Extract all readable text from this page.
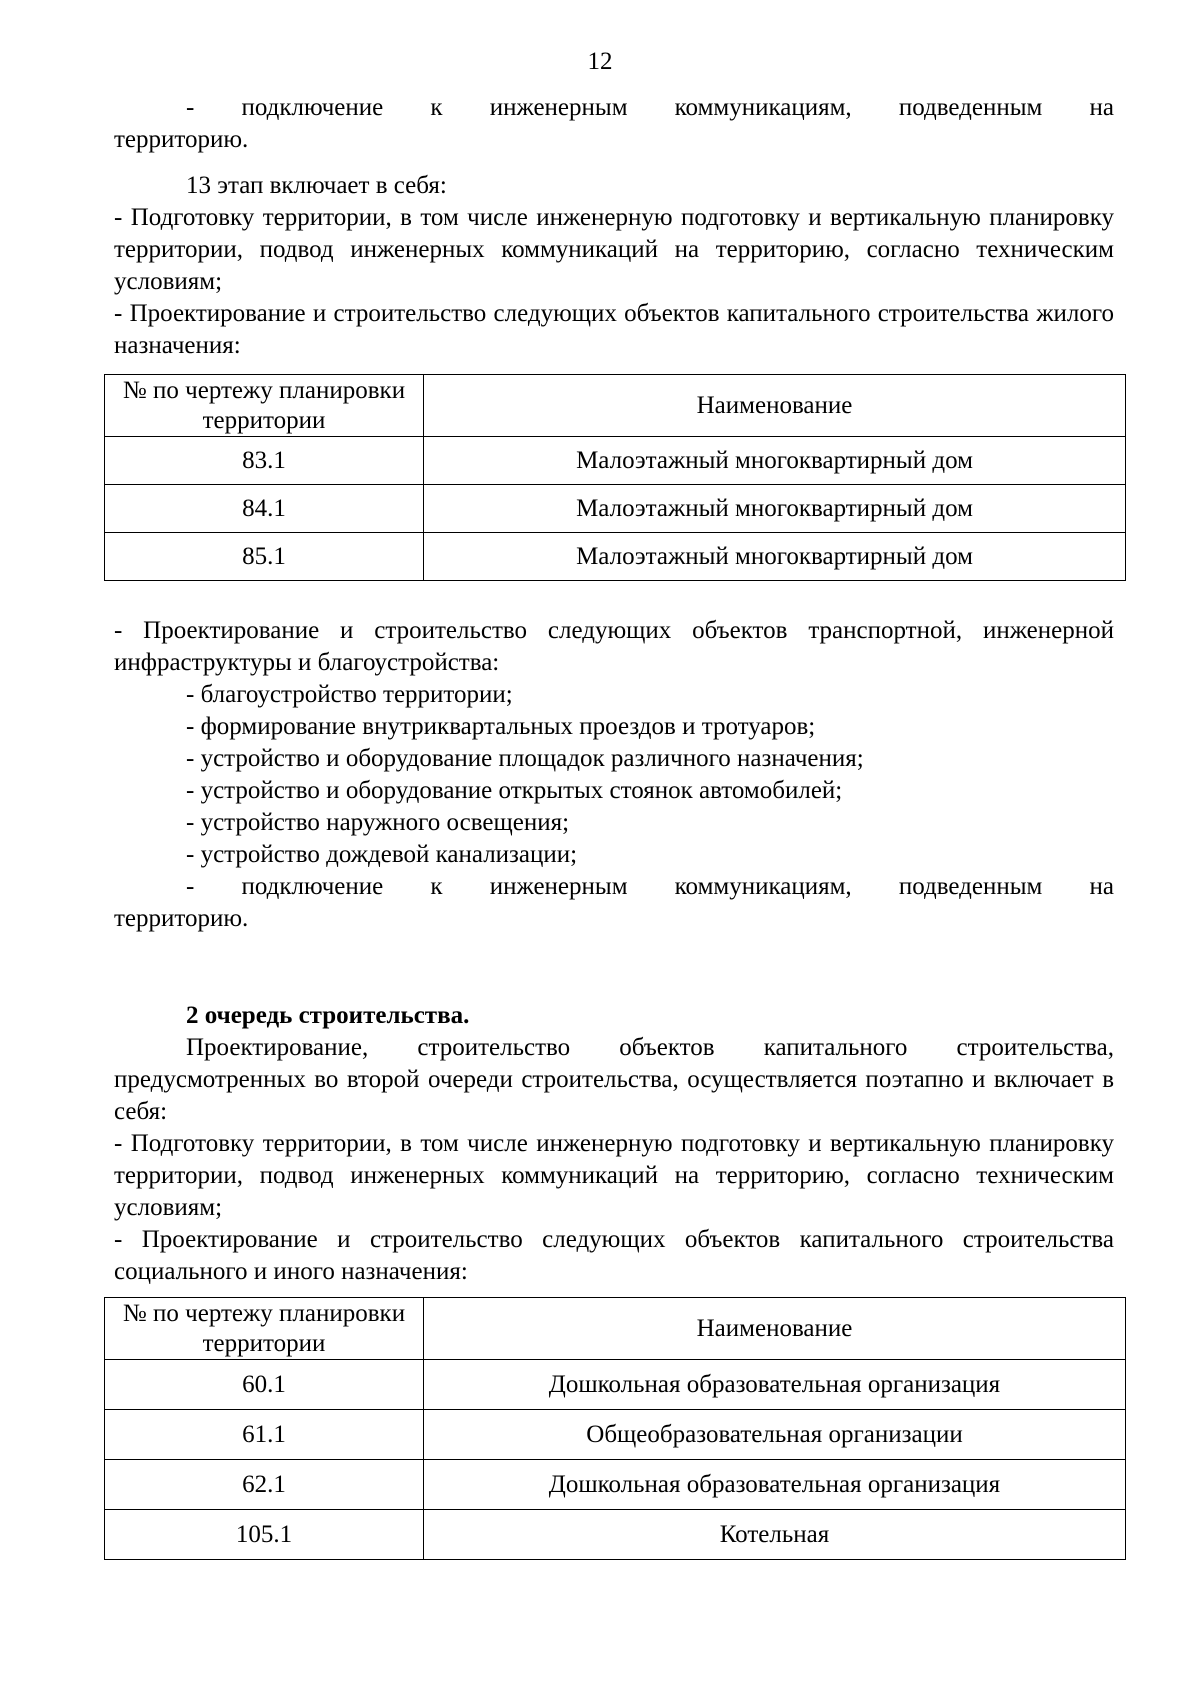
12

- подключение к инженерным коммуникациям, подведенным на

территорию.

13 этап включает в себя:

- Подготовку территории, в том числе инженерную подготовку и вертикальную планировку территории, подвод инженерных коммуникаций на территорию, согласно техническим условиям;

- Проектирование и строительство следующих объектов капитального строительства жилого назначения:

№ по чертежу планировки территории	Наименование
83.1	Малоэтажный многоквартирный дом
84.1	Малоэтажный многоквартирный дом
85.1	Малоэтажный многоквартирный дом

- Проектирование и строительство следующих объектов транспортной, инженерной инфраструктуры и благоустройства:

- благоустройство территории;

- формирование внутриквартальных проездов и тротуаров;

- устройство и оборудование площадок различного назначения;

- устройство и оборудование открытых стоянок автомобилей;

- устройство наружного освещения;

- устройство дождевой канализации;

- подключение к инженерным коммуникациям, подведенным на

территорию.

2 очередь строительства.

Проектирование, строительство объектов капитального строительства, предусмотренных во второй очереди строительства, осуществляется поэтапно и включает в себя:

- Подготовку территории, в том числе инженерную подготовку и вертикальную планировку территории, подвод инженерных коммуникаций на территорию, согласно техническим условиям;

- Проектирование и строительство следующих объектов капитального строительства социального и иного назначения:

№ по чертежу планировки территории	Наименование
60.1	Дошкольная образовательная организация
61.1	Общеобразовательная организации
62.1	Дошкольная образовательная организация
105.1	Котельная
